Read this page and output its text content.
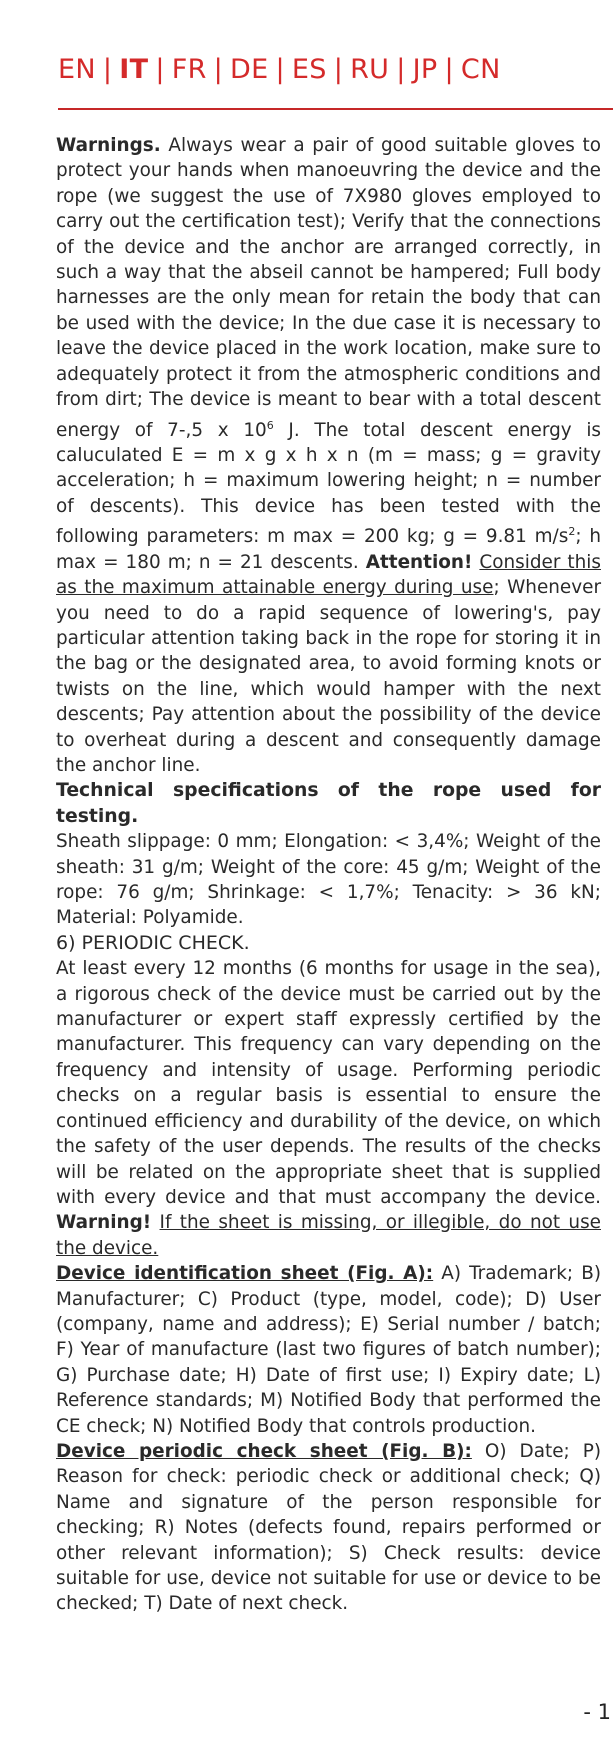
EN | IT | FR | DE | ES | RU | JP | CN

Warnings. Always wear a pair of good suitable gloves to protect your hands when manoeuvring the device and the rope (we suggest the use of 7X980 gloves employed to carry out the certification test); Verify that the connections of the device and the anchor are arranged correctly, in such a way that the abseil cannot be hampered; Full body harnesses are the only mean for retain the body that can be used with the device; In the due case it is necessary to leave the device placed in the work location, make sure to adequately protect it from the atmospheric conditions and from dirt; The device is meant to bear with a total descent energy of 7-,5 x $10^6$ J. The total descent energy is caluculated E = m x g x h x n (m = mass; g = gravity acceleration; h = maximum lowering height; n = number of descents). This device has been tested with the following parameters: m max = 200 kg; g = 9.81 $m/s^2$; h max = 180 m; n = 21 descents. Attention! Consider this as the maximum attainable energy during use; Whenever you need to do a rapid sequence of lowering's, pay particular attention taking back in the rope for storing it in the bag or the designated area, to avoid forming knots or twists on the line, which would hamper with the next descents; Pay attention about the possibility of the device to overheat during a descent and consequently damage the anchor line.

Technical specifications of the rope used for testing.

Sheath slippage: 0 mm; Elongation: < 3,4%; Weight of the sheath: 31 g/m; Weight of the core: 45 g/m; Weight of the rope: 76 g/m; Shrinkage: < 1,7%; Tenacity: > 36 kN; Material: Polyamide.

6) PERIODIC CHECK.

At least every 12 months (6 months for usage in the sea), a rigorous check of the device must be carried out by the manufacturer or expert staff expressly certified by the manufacturer. This frequency can vary depending on the frequency and intensity of usage. Performing periodic checks on a regular basis is essential to ensure the continued efficiency and durability of the device, on which the safety of the user depends. The results of the checks will be related on the appropriate sheet that is supplied with every device and that must accompany the device. Warning! If the sheet is missing, or illegible, do not use the device.

Device identification sheet (Fig. A): A) Trademark; B) Manufacturer; C) Product (type, model, code); D) User (company, name and address); E) Serial number / batch; F) Year of manufacture (last two figures of batch number); G) Purchase date; H) Date of first use; I) Expiry date; L) Reference standards; M) Notified Body that performed the CE check; N) Notified Body that controls production.

Device periodic check sheet (Fig. B): O) Date; P) Reason for check: periodic check or additional check; Q) Name and signature of the person responsible for checking; R) Notes (defects found, repairs performed or other relevant information); S) Check results: device suitable for use, device not suitable for use or device to be checked; T) Date of next check.

- 1
